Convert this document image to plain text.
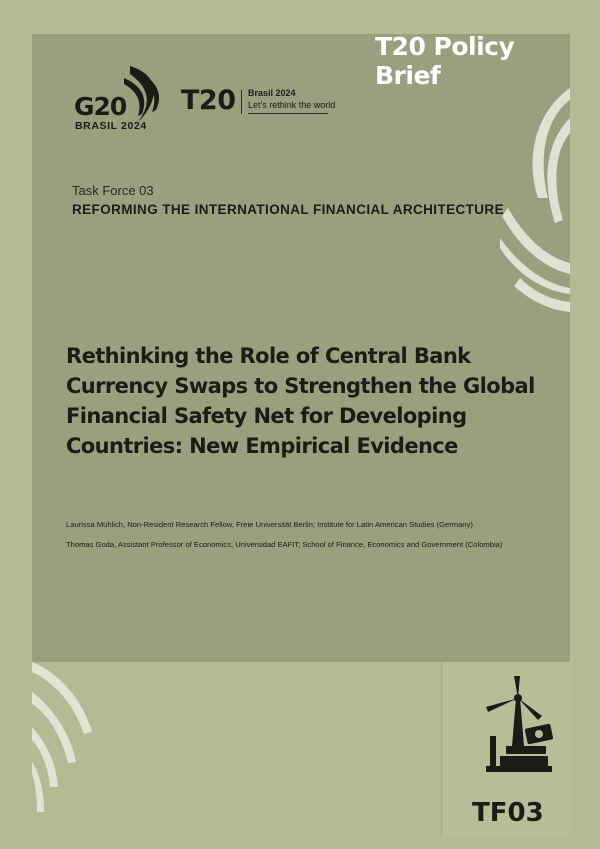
T20 Policy Brief
G20
BRASIL 2024
T20 Brasil 2024
Let's rethink the world
Task Force 03
REFORMING THE INTERNATIONAL FINANCIAL ARCHITECTURE
Rethinking the Role of Central Bank
Currency Swaps to Strengthen the Global
Financial Safety Net for Developing
Countries: New Empirical Evidence
Laurissa Mühlich, Non-Resident Research Fellow, Freie Universität Berlin; Institute for Latin American Studies (Germany)
Thomas Goda, Assistant Professor of Economics, Universidad EAFIT; School of Finance, Economics and Government (Colombia)
TF03
